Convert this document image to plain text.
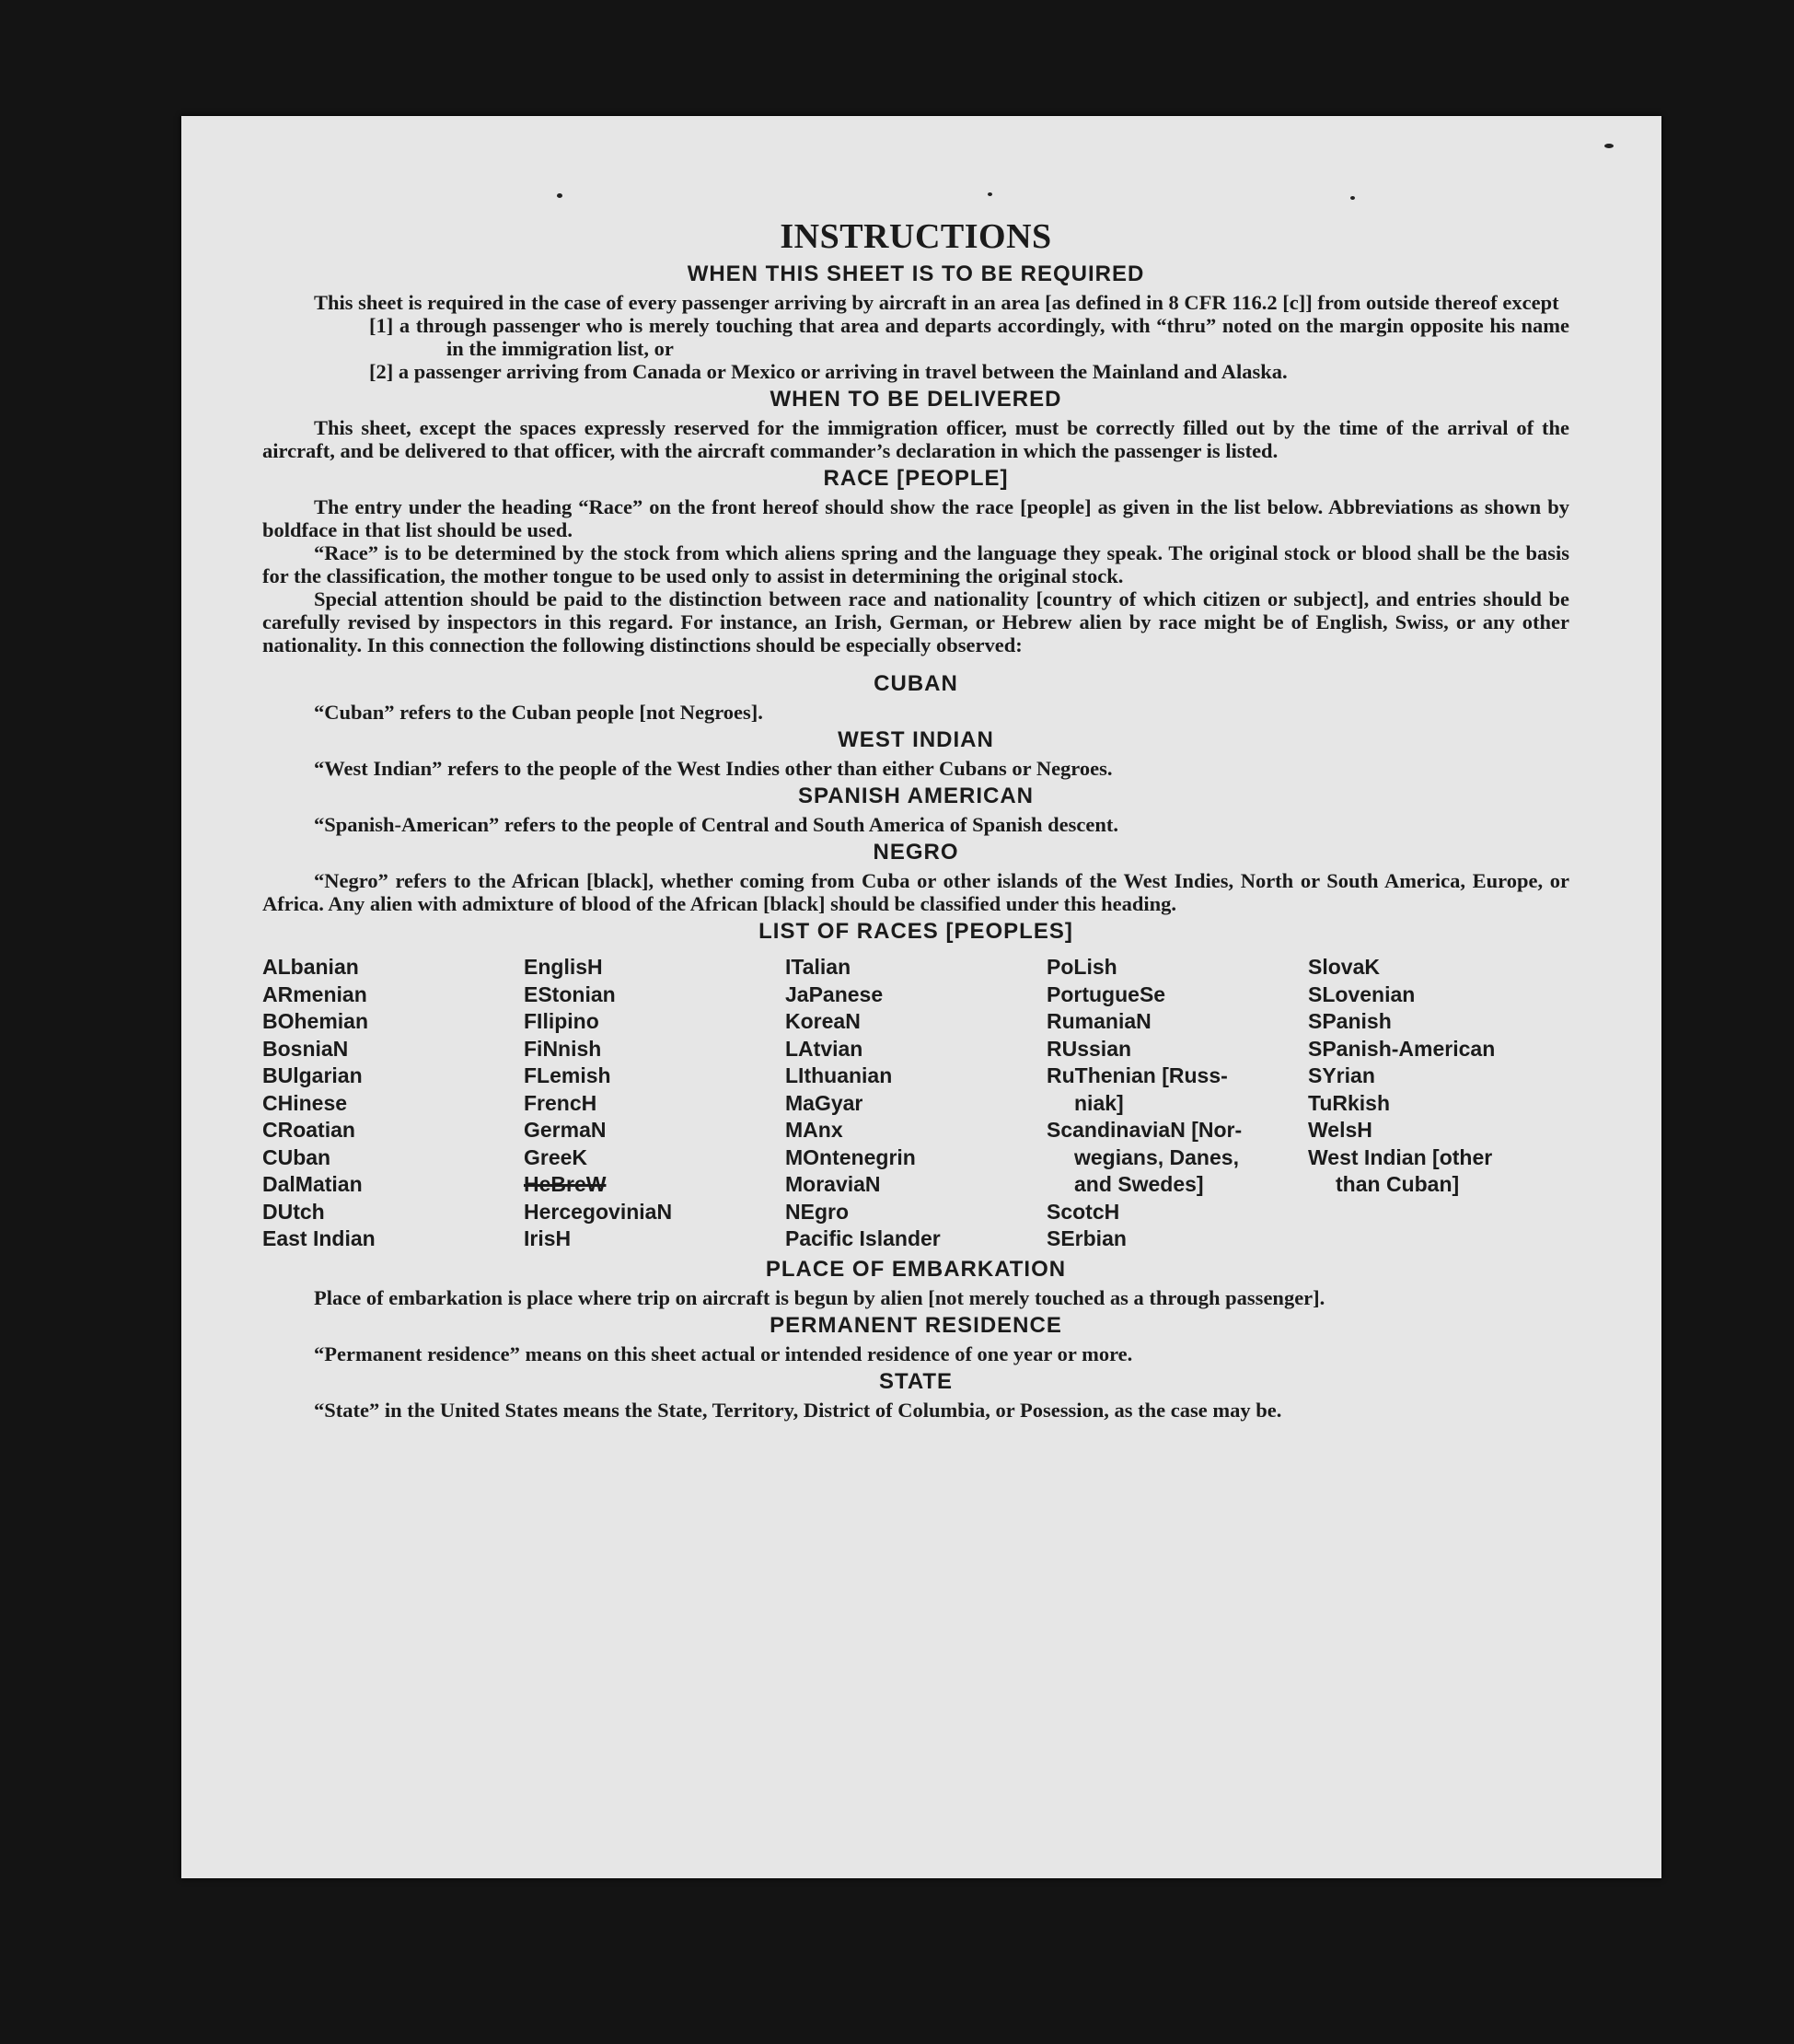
INSTRUCTIONS
WHEN THIS SHEET IS TO BE REQUIRED

This sheet is required in the case of every passenger arriving by aircraft in an area [as defined in 8 CFR 116.2 [c]] from outside thereof except

[1] a through passenger who is merely touching that area and departs accordingly, with “thru” noted on the margin opposite his name in the immigration list, or

[2] a passenger arriving from Canada or Mexico or arriving in travel between the Mainland and Alaska.

WHEN TO BE DELIVERED

This sheet, except the spaces expressly reserved for the immigration officer, must be correctly filled out by the time of the arrival of the aircraft, and be delivered to that officer, with the aircraft commander’s declaration in which the passenger is listed.

RACE [PEOPLE]

The entry under the heading “Race” on the front hereof should show the race [people] as given in the list below. Abbreviations as shown by boldface in that list should be used.

“Race” is to be determined by the stock from which aliens spring and the language they speak. The original stock or blood shall be the basis for the classification, the mother tongue to be used only to assist in determining the original stock.

Special attention should be paid to the distinction between race and nationality [country of which citizen or subject], and entries should be carefully revised by inspectors in this regard. For instance, an Irish, German, or Hebrew alien by race might be of English, Swiss, or any other nationality. In this connection the following distinctions should be especially observed:

CUBAN

“Cuban” refers to the Cuban people [not Negroes].

WEST INDIAN

“West Indian” refers to the people of the West Indies other than either Cubans or Negroes.

SPANISH AMERICAN

“Spanish-American” refers to the people of Central and South America of Spanish descent.

NEGRO

“Negro” refers to the African [black], whether coming from Cuba or other islands of the West Indies, North or South America, Europe, or Africa. Any alien with admixture of blood of the African [black] should be classified under this heading.

LIST OF RACES [PEOPLES]
ALbanian
ARmenian
BOhemian
BosniaN
BUlgarian
CHinese
CRoatian
CUban
DalMatian
DUtch
East Indian
EnglisH
EStonian
FIlipino
FiNnish
FLemish
FrencH
GermaN
GreeK
HeBreW
HercegovinіaN
IrisH
ITalian
JaPanese
KoreaN
LAtvian
LIthuanian
MaGyar
MAnx
MOntenegrin
MoraviaN
NEgro
Pacific Islander
PoLish
PortugueSe
RumaniaN
RUssian
RuThenian [Russ-
niak]
ScandinaviaN [Nor-
wegians, Danes,
and Swedes]
ScotcH
SErbian
SlovaK
SLovenian
SPanish
SPanish-American
SYrian
TuRkish
WelsH
West Indian [other
than Cuban]
PLACE OF EMBARKATION

Place of embarkation is place where trip on aircraft is begun by alien [not merely touched as a through passenger].

PERMANENT RESIDENCE

“Permanent residence” means on this sheet actual or intended residence of one year or more.

STATE

“State” in the United States means the State, Territory, District of Columbia, or Posession, as the case may be.
